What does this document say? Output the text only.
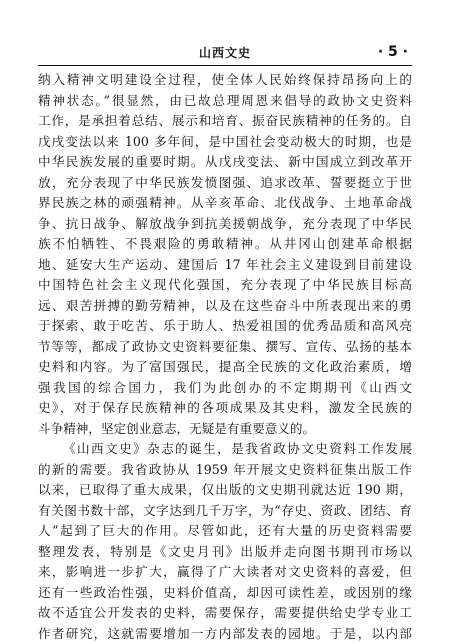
山西文史	· 5 ·
纳入精神文明建设全过程，使全体人民始终保持昂扬向上的
精神状态。”很显然，由已故总理周恩来倡导的政协文史资料
工作，是承担着总结、展示和培育、振奋民族精神的任务的。自
戊戌变法以来 100 多年间，是中国社会变动极大的时期，也是
中华民族发展的重要时期。从戊戌变法、新中国成立到改革开
放，充分表现了中华民族发愤图强、追求改革、誓要挺立于世
界民族之林的顽强精神。从辛亥革命、北伐战争、土地革命战
争、抗日战争、解放战争到抗美援朝战争，充分表现了中华民
族不怕牺牲、不畏艰险的勇敢精神。从井冈山创建革命根据
地、延安大生产运动、建国后 17 年社会主义建设到目前建设
中国特色社会主义现代化强国，充分表现了中华民族目标高
远、艰苦拼搏的勤劳精神，以及在这些奋斗中所表现出来的勇
于探索、敢于吃苦、乐于助人、热爱祖国的优秀品质和高风亮
节等等，都成了政协文史资料要征集、撰写、宣传、弘扬的基本
史料和内容。为了富国强民，提高全民族的文化政治素质，增
强我国的综合国力，我们为此创办的不定期期刊《山西文
史》，对于保存民族精神的各项成果及其史料，激发全民族的
斗争精神，坚定创业意志，无疑是有重要意义的。
《山西文史》杂志的诞生，是我省政协文史资料工作发展
的新的需要。我省政协从 1959 年开展文史资料征集出版工作
以来，已取得了重大成果，仅出版的文史期刊就达近 190 期，
有关图书数十部，文字达到几千万字，为“存史、资政、团结、育
人”起到了巨大的作用。尽管如此，还有大量的历史资料需要
整理发表，特别是《文史月刊》出版并走向图书期刊市场以
来，影响进一步扩大，赢得了广大读者对文史资料的喜爱，但
还有一些政治性强，史料价值高，却因可读性差，或因别的缘
故不适宜公开发表的史料，需要保存，需要提供给史学专业工
作者研究，这就需要增加一方内部发表的园地。于是，以内部
